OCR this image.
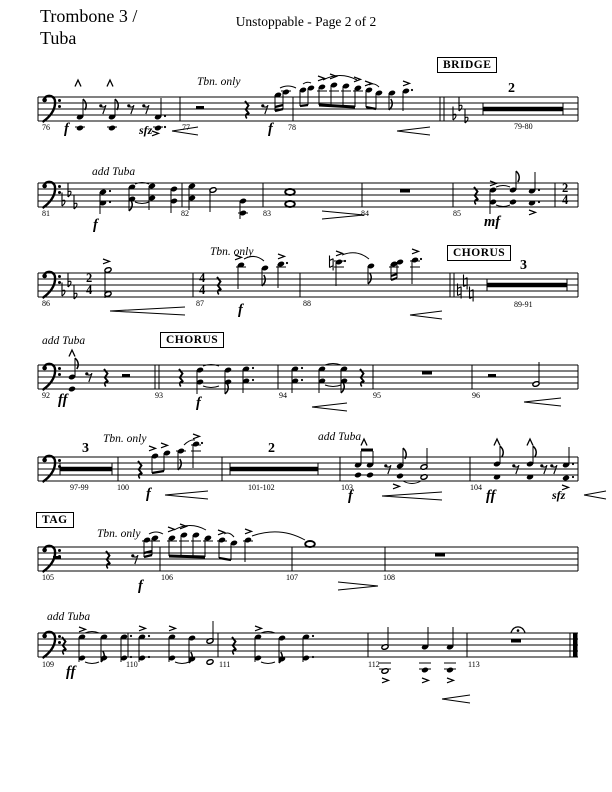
Trombone 3 /
Tuba
Unstoppable - Page 2 of 2
BRIDGE
CHORUS
CHORUS
TAG
Tbn. only
add Tuba
Tbn. only
add Tuba
Tbn. only	add Tuba
Tbn. only
add Tuba
f	sfz	f
f	mf
f
ff	f
f	f	ff	sfz
f
ff
76	77	78	79-80
81	82	83	84	85
86	87	88	89-91
92	93	94	95	96
97-99	100	101-102	103	104
105	106	107	108
109	110	111	112	113
2
3
3	2
2
4
2
4
4
4
